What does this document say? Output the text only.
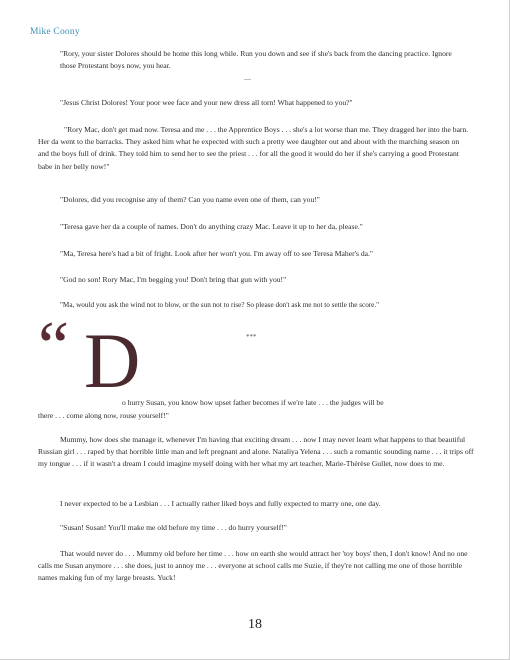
Mike Coony

"Rory, your sister Dolores should be home this long while. Run you down and see if she's back from the dancing practice. Ignore those Protestant boys now, you hear.

—

"Jesus Christ Dolores! Your poor wee face and your new dress all torn! What happened to you?"

"Rory Mac, don't get mad now. Teresa and me . . . the Apprentice Boys . . . she's a lot worse than me. They dragged her into the barn. Her da went to the barracks. They asked him what he expected with such a pretty wee daughter out and about with the marching season on and the boys full of drink. They told him to send her to see the priest . . . for all the good it would do her if she's carrying a good Protestant babe in her belly now!"

"Dolores, did you recognise any of them? Can you name even one of them, can you!"

"Teresa gave her da a couple of names. Don't do anything crazy Mac. Leave it up to her da, please."

"Ma, Teresa here's had a bit of fright. Look after her won't you. I'm away off to see Teresa Maher's da."

"God no son! Rory Mac, I'm begging you! Don't bring that gun with you!"

"Ma, would you ask the wind not to blow, or the sun not to rise? So please don't ask me not to settle the score."

***
“ D

o hurry Susan, you know how upset father becomes if we're late . . . the judges will be

there . . . come along now, rouse yourself!"

Mummy, how does she manage it, whenever I'm having that exciting dream . . . now I may never learn what happens to that beautiful Russian girl . . . raped by that horrible little man and left pregnant and alone. Nataliya Yelena . . . such a romantic sounding name . . . it trips off my tongue . . . if it wasn't a dream I could imagine myself doing with her what my art teacher, Marie-Thérèse Gullet, now does to me.

I never expected to be a Lesbian . . . I actually rather liked boys and fully expected to marry one, one day.

"Susan! Susan! You'll make me old before my time . . . do hurry yourself!"

That would never do . . . Mummy old before her time . . . how on earth she would attract her 'toy boys' then, I don't know! And no one calls me Susan anymore . . . she does, just to annoy me . . . everyone at school calls me Suzie, if they're not calling me one of those horrible names making fun of my large breasts. Yuck!

18
